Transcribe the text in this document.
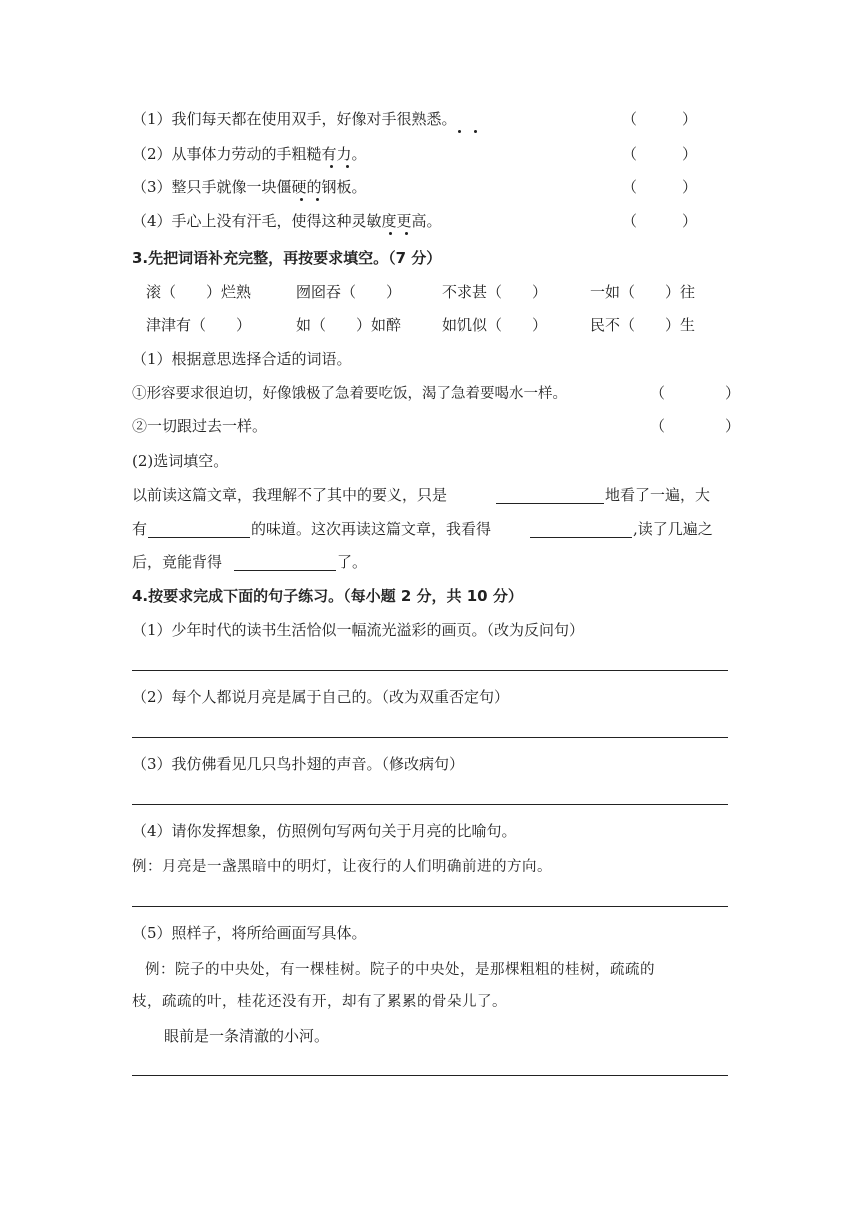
（1）我们每天都在使用双手，好像对手很熟悉。	（　　　）
（2）从事体力劳动的手粗糙有力。	（　　　）
（3）整只手就像一块僵硬的钢板。	（　　　）
（4）手心上没有汗毛，使得这种灵敏度更高。	（　　　）
3.先把词语补充完整，再按要求填空。（7 分）
滚（　　）烂熟	囫囵吞（　　）	不求甚（　　）	一如（　　）往
津津有（　　）	如（　　）如醉	如饥似（　　）	民不（　　）生
（1）根据意思选择合适的词语。
①形容要求很迫切，好像饿极了急着要吃饭，渴了急着要喝水一样。	（　　　　）
②一切跟过去一样。	（　　　　）
(2)选词填空。
以前读这篇文章，我理解不了其中的要义，只是	地看了一遍，大
有	的味道。这次再读这篇文章，我看得	,读了几遍之
后，竟能背得	了。
4.按要求完成下面的句子练习。（每小题 2 分，共 10 分）
（1）少年时代的读书生活恰似一幅流光溢彩的画页。（改为反问句）
（2）每个人都说月亮是属于自己的。（改为双重否定句）
（3）我仿佛看见几只鸟扑翅的声音。（修改病句）
（4）请你发挥想象，仿照例句写两句关于月亮的比喻句。
例：月亮是一盏黑暗中的明灯，让夜行的人们明确前进的方向。
（5）照样子，将所给画面写具体。
例：院子的中央处，有一棵桂树。院子的中央处，是那棵粗粗的桂树，疏疏的
枝，疏疏的叶，桂花还没有开，却有了累累的骨朵儿了。
眼前是一条清澈的小河。
